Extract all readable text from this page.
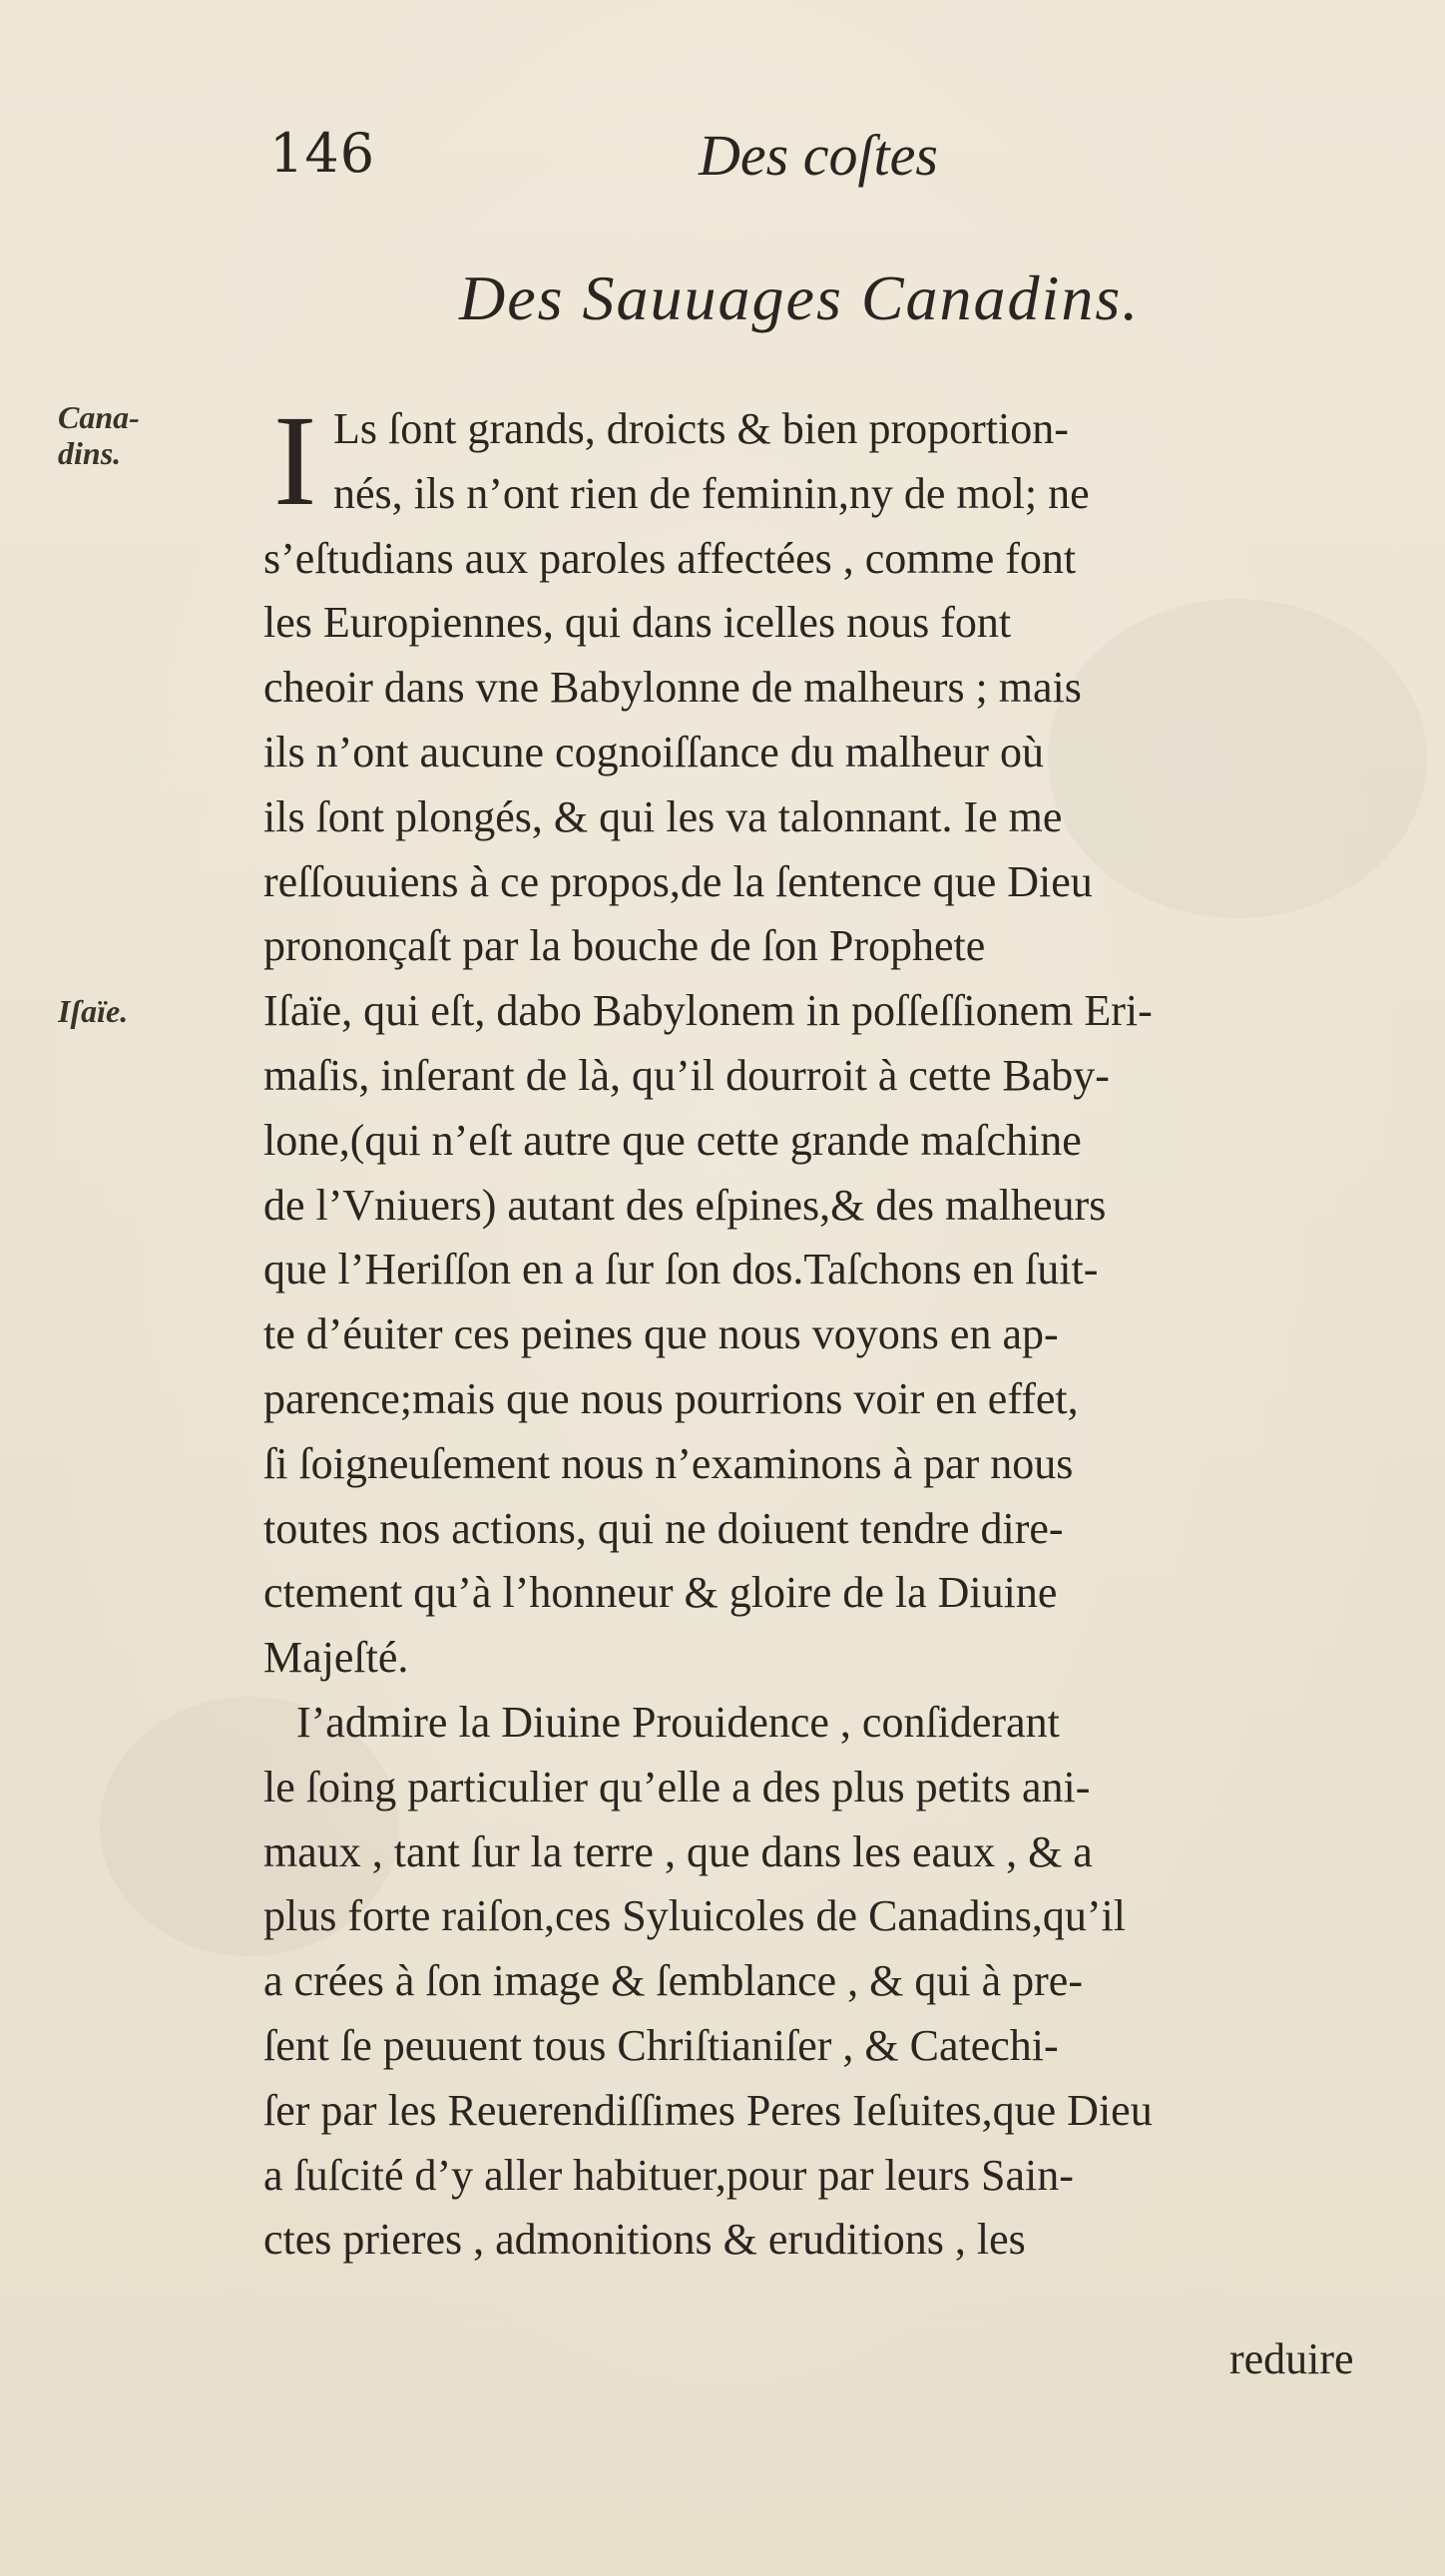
146	Des coſtes
Des Sauuages Canadins.
Cana-
dins.
Iſaïe.
I Ls ſont grands, droicts & bien proportion-
nés, ils n’ont rien de feminin,ny de mol; ne
s’eſtudians aux paroles affectées , comme font
les Europiennes, qui dans icelles nous font
cheoir dans vne Babylonne de malheurs ; mais
ils n’ont aucune cognoiſſance du malheur où
ils ſont plongés, & qui les va talonnant. Ie me
reſſouuiens à ce propos,de la ſentence que Dieu
prononçaſt par la bouche de ſon Prophete
Iſaïe, qui eſt, dabo Babylonem in poſſeſſionem Eri-
maſis, inſerant de là, qu’il dourroit à cette Baby-
lone,(qui n’eſt autre que cette grande maſchine
de l’Vniuers) autant des eſpines,& des malheurs
que l’Heriſſon en a ſur ſon dos.Taſchons en ſuit-
te d’éuiter ces peines que nous voyons en ap-
parence;mais que nous pourrions voir en effet,
ſi ſoigneuſement nous n’examinons à par nous
toutes nos actions, qui ne doiuent tendre dire-
ctement qu’à l’honneur & gloire de la Diuine
Majeſté.
I’admire la Diuine Prouidence , conſiderant
le ſoing particulier qu’elle a des plus petits ani-
maux , tant ſur la terre , que dans les eaux , & a
plus forte raiſon,ces Syluicoles de Canadins,qu’il
a crées à ſon image & ſemblance , & qui à pre-
ſent ſe peuuent tous Chriſtianiſer , & Catechi-
ſer par les Reuerendiſſimes Peres Ieſuites,que Dieu
a ſuſcité d’y aller habituer,pour par leurs Sain-
ctes prieres , admonitions & eruditions , les
reduire
